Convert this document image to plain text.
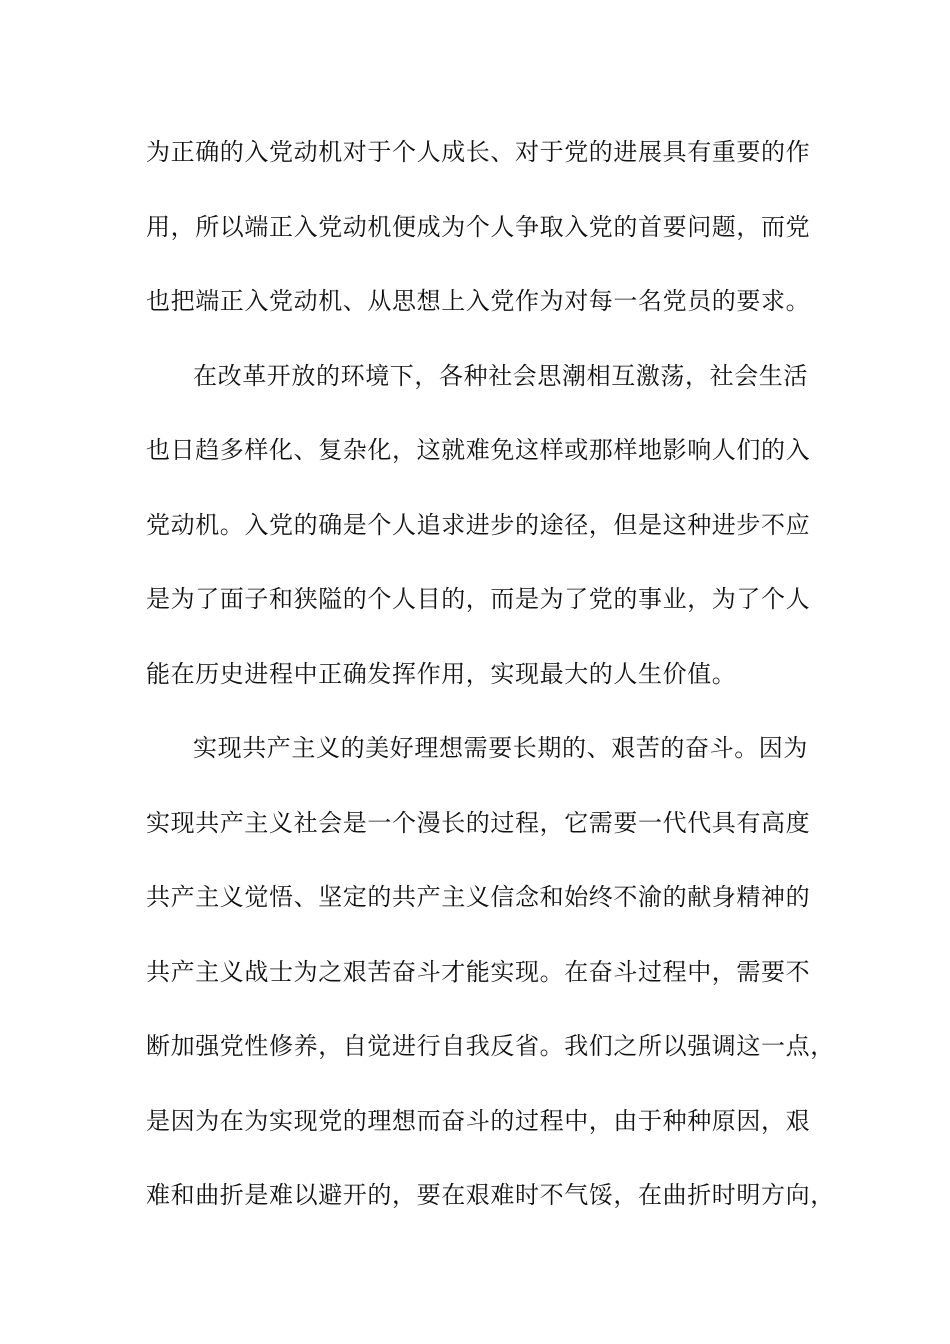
为正确的入党动机对于个人成长、对于党的进展具有重要的作
用，所以端正入党动机便成为个人争取入党的首要问题，而党
也把端正入党动机、从思想上入党作为对每一名党员的要求。
在改革开放的环境下，各种社会思潮相互激荡，社会生活
也日趋多样化、复杂化，这就难免这样或那样地影响人们的入
党动机。入党的确是个人追求进步的途径，但是这种进步不应
是为了面子和狭隘的个人目的，而是为了党的事业，为了个人
能在历史进程中正确发挥作用，实现最大的人生价值。
实现共产主义的美好理想需要长期的、艰苦的奋斗。因为
实现共产主义社会是一个漫长的过程，它需要一代代具有高度
共产主义觉悟、坚定的共产主义信念和始终不渝的献身精神的
共产主义战士为之艰苦奋斗才能实现。在奋斗过程中，需要不
断加强党性修养，自觉进行自我反省。我们之所以强调这一点，
是因为在为实现党的理想而奋斗的过程中，由于种种原因，艰
难和曲折是难以避开的，要在艰难时不气馁，在曲折时明方向，
